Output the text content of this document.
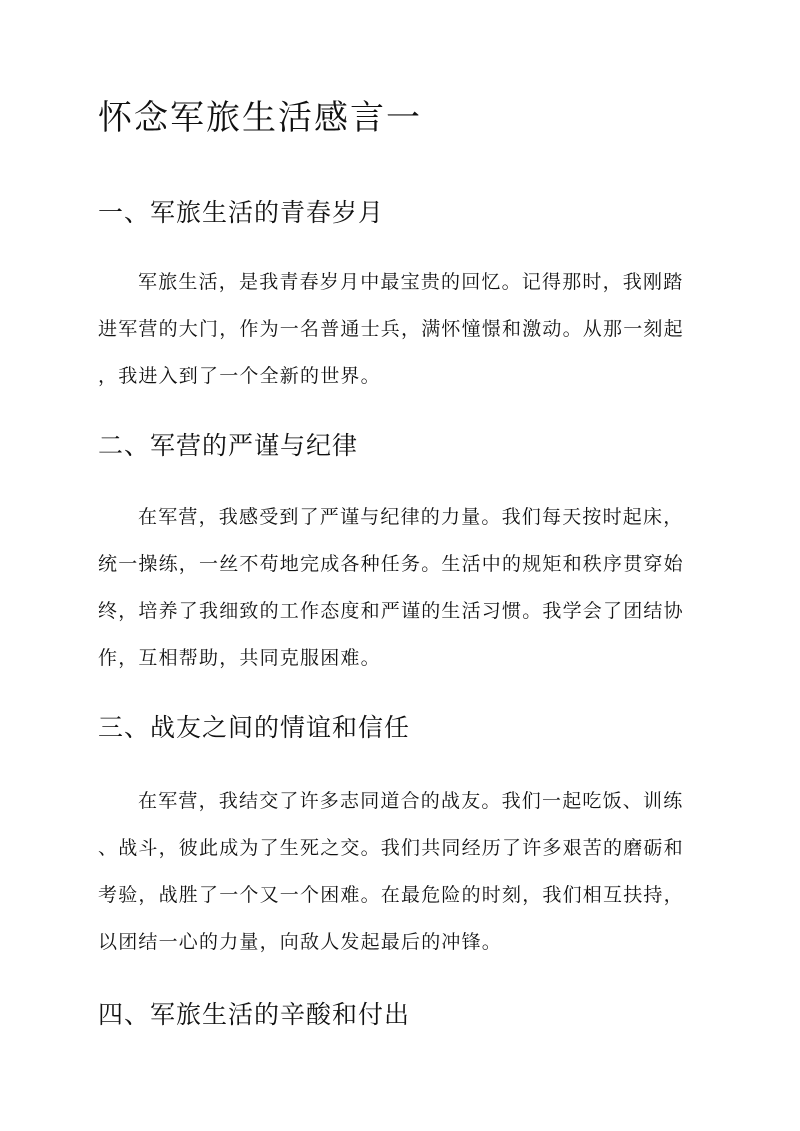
怀念军旅生活感言一
一、军旅生活的青春岁月
军旅生活，是我青春岁月中最宝贵的回忆。记得那时，我刚踏
进军营的大门，作为一名普通士兵，满怀憧憬和激动。从那一刻起
，我进入到了一个全新的世界。
二、军营的严谨与纪律
在军营，我感受到了严谨与纪律的力量。我们每天按时起床，
统一操练，一丝不苟地完成各种任务。生活中的规矩和秩序贯穿始
终，培养了我细致的工作态度和严谨的生活习惯。我学会了团结协
作，互相帮助，共同克服困难。
三、战友之间的情谊和信任
在军营，我结交了许多志同道合的战友。我们一起吃饭、训练
、战斗，彼此成为了生死之交。我们共同经历了许多艰苦的磨砺和
考验，战胜了一个又一个困难。在最危险的时刻，我们相互扶持，
以团结一心的力量，向敌人发起最后的冲锋。
四、军旅生活的辛酸和付出
